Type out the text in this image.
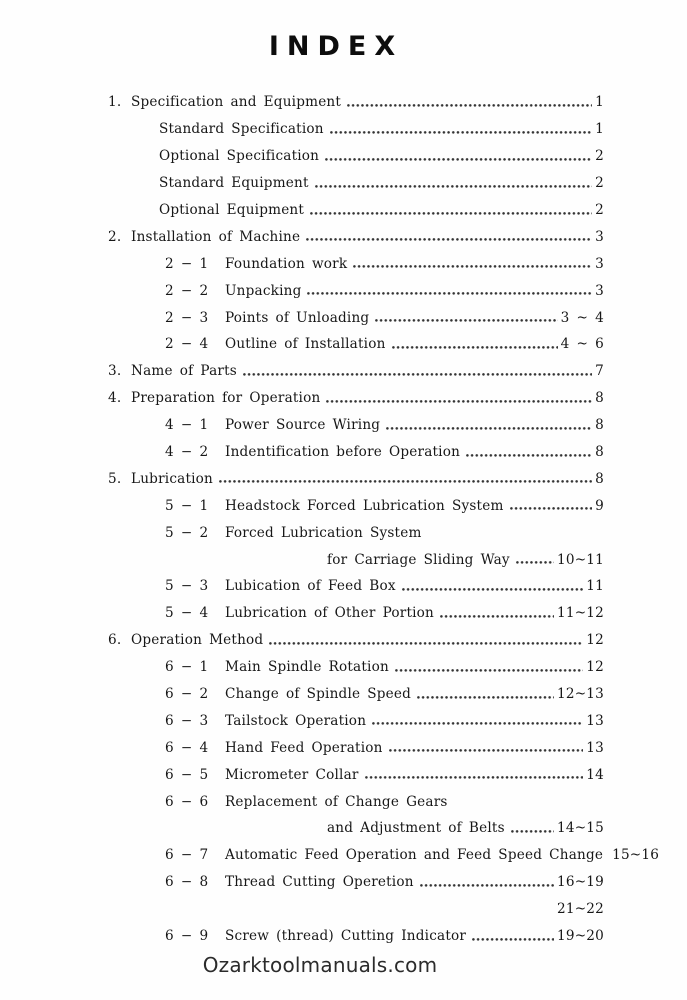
INDEX
1. Specification and Equipment	1
Standard Specification	1
Optional Specification	2
Standard Equipment	2
Optional Equipment	2
2. Installation of Machine	3
2 − 1	Foundation work	3
2 − 2	Unpacking	3
2 − 3	Points of Unloading	3 ~ 4
2 − 4	Outline of Installation	4 ~ 6
3. Name of Parts	7
4. Preparation for Operation	8
4 − 1	Power Source Wiring	8
4 − 2	Indentification before Operation	8
5. Lubrication	8
5 − 1	Headstock Forced Lubrication System	9
5 − 2	Forced Lubrication System
for Carriage Sliding Way	10~11
5 − 3	Lubication of Feed Box	11
5 − 4	Lubrication of Other Portion	11~12
6. Operation Method	12
6 − 1	Main Spindle Rotation	12
6 − 2	Change of Spindle Speed	12~13
6 − 3	Tailstock Operation	13
6 − 4	Hand Feed Operation	13
6 − 5	Micrometer Collar	14
6 − 6	Replacement of Change Gears
and Adjustment of Belts	14~15
6 − 7	Automatic Feed Operation and Feed Speed Change 15~16
6 − 8	Thread Cutting Operetion	16~19
21~22
6 − 9	Screw (thread) Cutting Indicator	19~20
Ozarktoolmanuals.com
